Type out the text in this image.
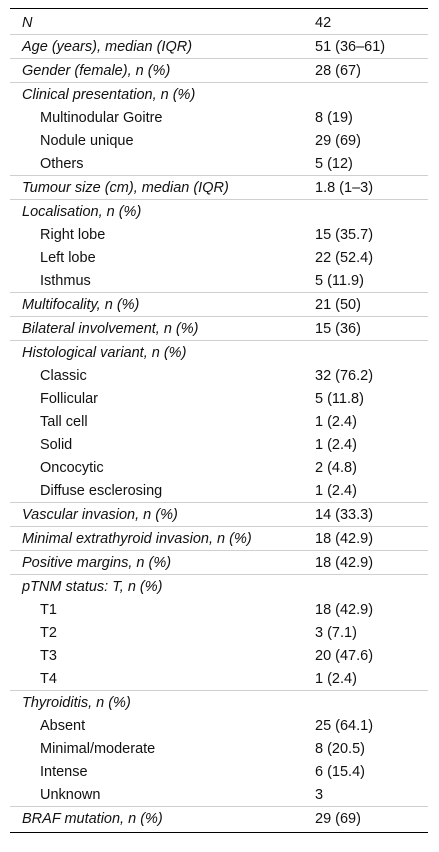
N	42
Age (years), median (IQR)	51 (36–61)
Gender (female), n (%)	28 (67)
Clinical presentation, n (%)
Multinodular Goitre	8 (19)
Nodule unique	29 (69)
Others	5 (12)
Tumour size (cm), median (IQR)	1.8 (1–3)
Localisation, n (%)
Right lobe	15 (35.7)
Left lobe	22 (52.4)
Isthmus	5 (11.9)
Multifocality, n (%)	21 (50)
Bilateral involvement, n (%)	15 (36)
Histological variant, n (%)
Classic	32 (76.2)
Follicular	5 (11.8)
Tall cell	1 (2.4)
Solid	1 (2.4)
Oncocytic	2 (4.8)
Diffuse esclerosing	1 (2.4)
Vascular invasion, n (%)	14 (33.3)
Minimal extrathyroid invasion, n (%)	18 (42.9)
Positive margins, n (%)	18 (42.9)
pTNM status: T, n (%)
T1	18 (42.9)
T2	3 (7.1)
T3	20 (47.6)
T4	1 (2.4)
Thyroiditis, n (%)
Absent	25 (64.1)
Minimal/moderate	8 (20.5)
Intense	6 (15.4)
Unknown	3
BRAF mutation, n (%)	29 (69)
